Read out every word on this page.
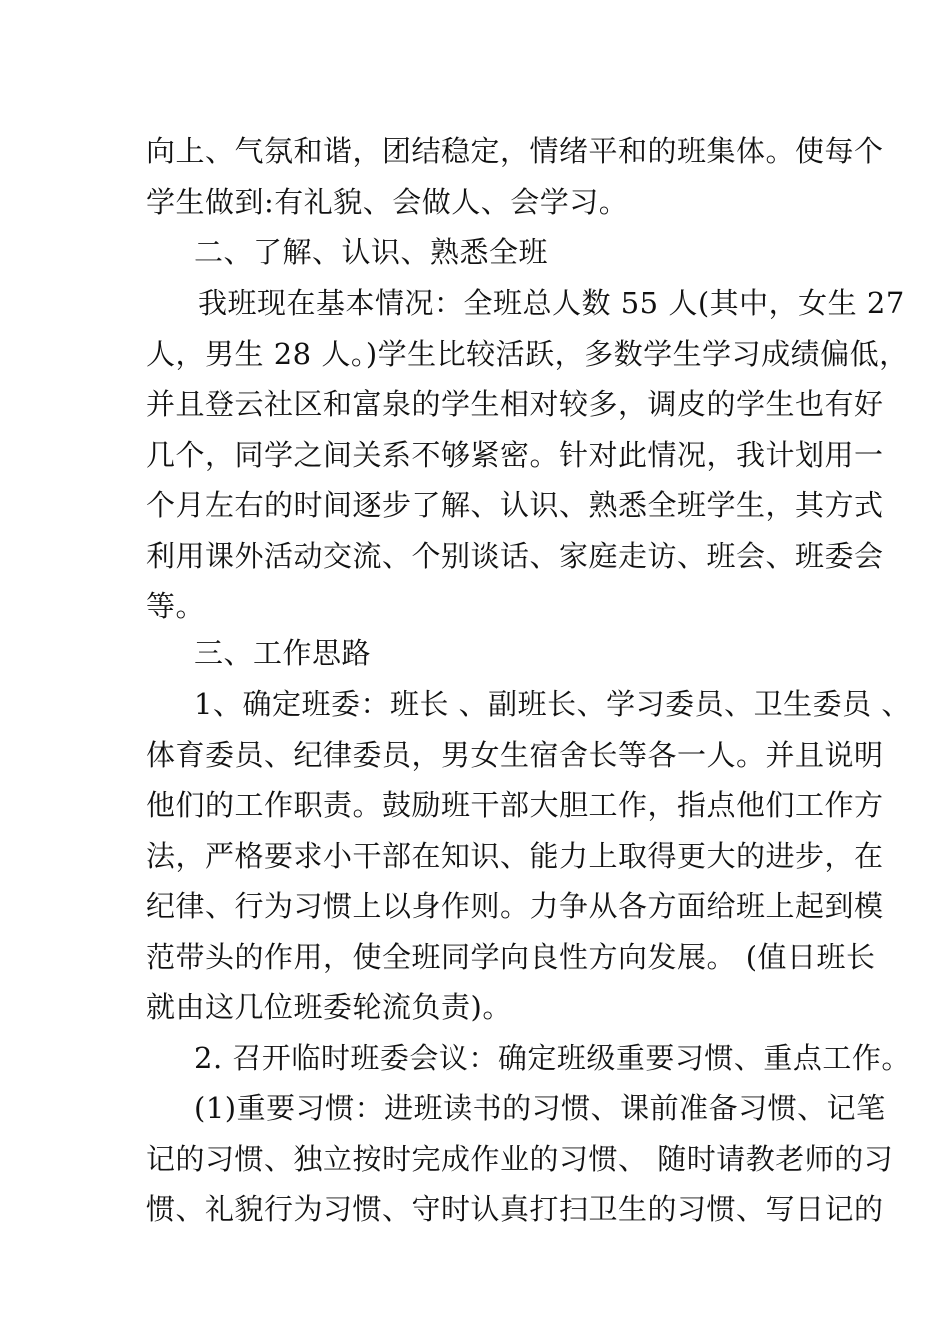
向上、气氛和谐，团结稳定，情绪平和的班集体。使每个
学生做到:有礼貌、会做人、会学习。
二、了解、认识、熟悉全班
我班现在基本情况：全班总人数 55 人(其中，女生 27
人，男生 28 人。)学生比较活跃，多数学生学习成绩偏低，
并且登云社区和富泉的学生相对较多，调皮的学生也有好
几个，同学之间关系不够紧密。针对此情况，我计划用一
个月左右的时间逐步了解、认识、熟悉全班学生，其方式
利用课外活动交流、个别谈话、家庭走访、班会、班委会
等。
三、工作思路
1、确定班委：班长 、副班长、学习委员、卫生委员 、
体育委员、纪律委员，男女生宿舍长等各一人。并且说明
他们的工作职责。鼓励班干部大胆工作，指点他们工作方
法，严格要求小干部在知识、能力上取得更大的进步，在
纪律、行为习惯上以身作则。力争从各方面给班上起到模
范带头的作用，使全班同学向良性方向发展。 (值日班长
就由这几位班委轮流负责)。
2. 召开临时班委会议：确定班级重要习惯、重点工作。
(1)重要习惯：进班读书的习惯、课前准备习惯、记笔
记的习惯、独立按时完成作业的习惯、 随时请教老师的习
惯、礼貌行为习惯、守时认真打扫卫生的习惯、写日记的
